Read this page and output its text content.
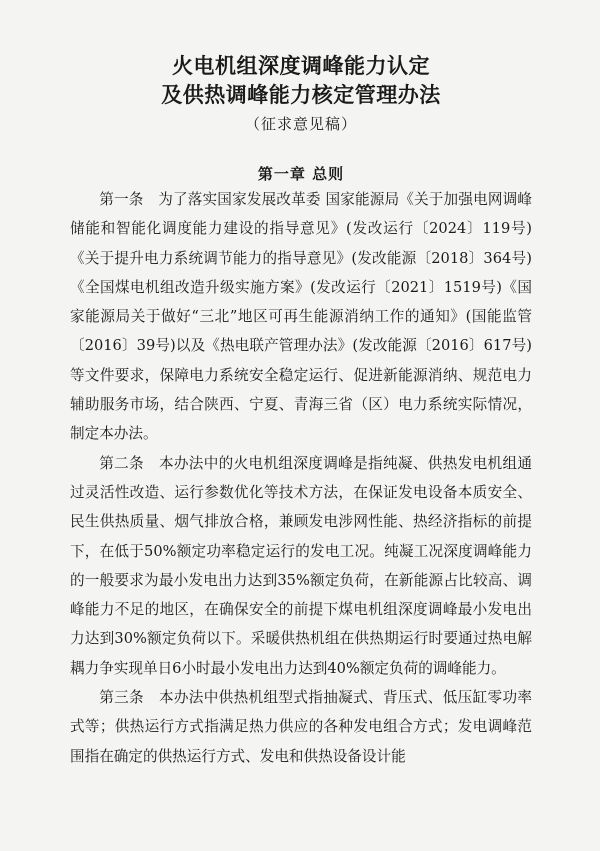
火电机组深度调峰能力认定
及供热调峰能力核定管理办法
（征求意见稿）
第一章 总则

第一条　 为了落实国家发展改革委 国家能源局《关于加强电网调峰储能和智能化调度能力建设的指导意见》(发改运行〔2024〕119号)《关于提升电力系统调节能力的指导意见》(发改能源〔2018〕364号)《全国煤电机组改造升级实施方案》(发改运行〔2021〕1519号)《国家能源局关于做好“三北”地区可再生能源消纳工作的通知》(国能监管〔2016〕39号)以及《热电联产管理办法》(发改能源〔2016〕617号)等文件要求，保障电力系统安全稳定运行、促进新能源消纳、规范电力辅助服务市场，结合陕西、宁夏、青海三省（区）电力系统实际情况，制定本办法。

第二条　 本办法中的火电机组深度调峰是指纯凝、供热发电机组通过灵活性改造、运行参数优化等技术方法，在保证发电设备本质安全、民生供热质量、烟气排放合格，兼顾发电涉网性能、热经济指标的前提下，在低于50%额定功率稳定运行的发电工况。纯凝工况深度调峰能力的一般要求为最小发电出力达到35%额定负荷，在新能源占比较高、调峰能力不足的地区，在确保安全的前提下煤电机组深度调峰最小发电出力达到30%额定负荷以下。采暖供热机组在供热期运行时要通过热电解耦力争实现单日6小时最小发电出力达到40%额定负荷的调峰能力。

第三条　 本办法中供热机组型式指抽凝式、背压式、低压缸零功率式等；供热运行方式指满足热力供应的各种发电组合方式；发电调峰范围指在确定的供热运行方式、发电和供热设备设计能
